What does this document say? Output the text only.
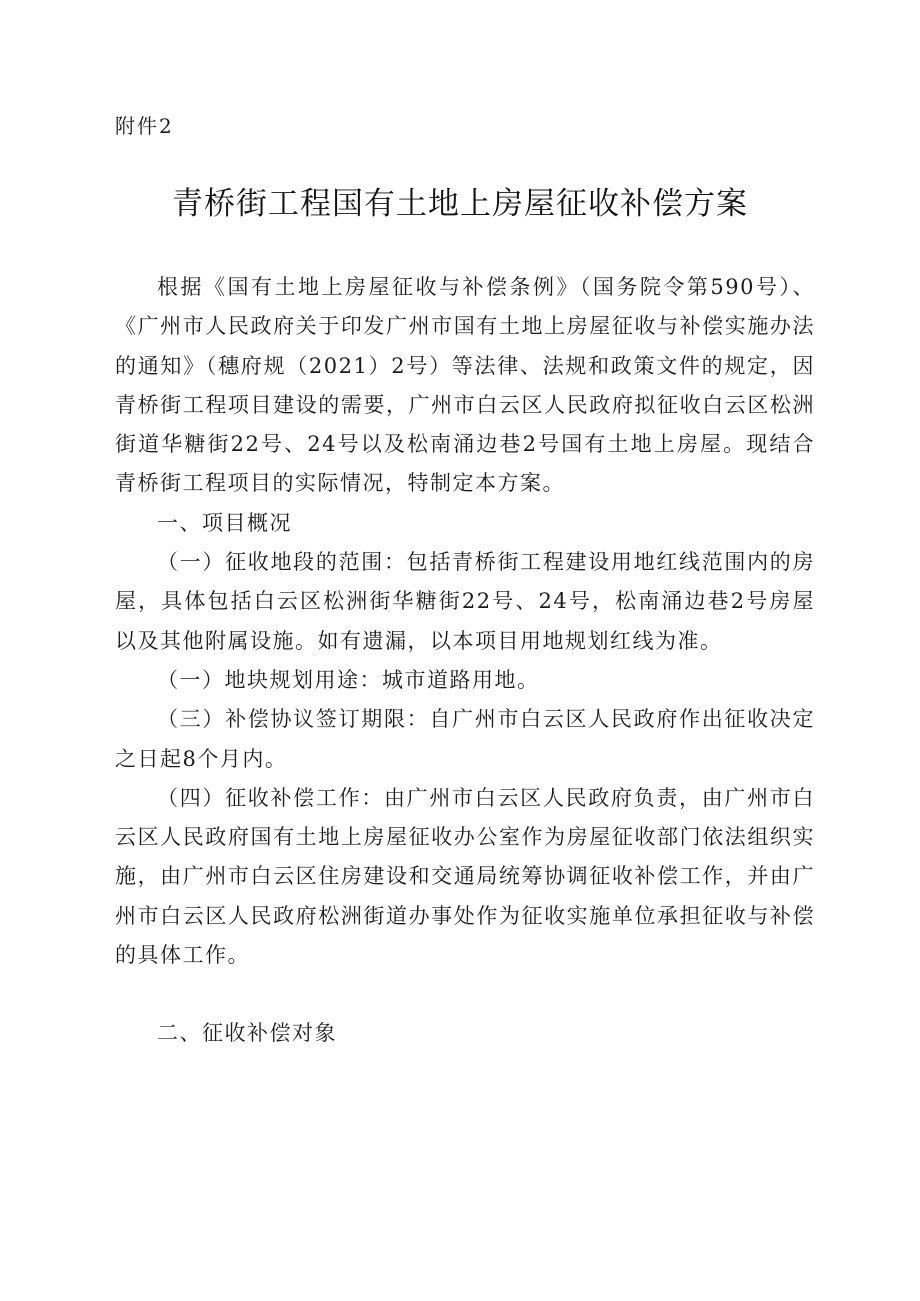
附件2
青桥街工程国有土地上房屋征收补偿方案

根据《国有土地上房屋征收与补偿条例》（国务院令第590号）、《广州市人民政府关于印发广州市国有土地上房屋征收与补偿实施办法的通知》（穗府规（2021）2号）等法律、法规和政策文件的规定，因青桥街工程项目建设的需要，广州市白云区人民政府拟征收白云区松洲街道华糖街22号、24号以及松南涌边巷2号国有土地上房屋。现结合青桥街工程项目的实际情况，特制定本方案。

一、项目概况

（一）征收地段的范围：包括青桥街工程建设用地红线范围内的房屋，具体包括白云区松洲街华糖街22号、24号，松南涌边巷2号房屋以及其他附属设施。如有遗漏，以本项目用地规划红线为准。

（一）地块规划用途：城市道路用地。

（三）补偿协议签订期限：自广州市白云区人民政府作出征收决定之日起8个月内。

（四）征收补偿工作：由广州市白云区人民政府负责，由广州市白云区人民政府国有土地上房屋征收办公室作为房屋征收部门依法组织实施，由广州市白云区住房建设和交通局统筹协调征收补偿工作，并由广州市白云区人民政府松洲街道办事处作为征收实施单位承担征收与补偿的具体工作。

二、征收补偿对象
